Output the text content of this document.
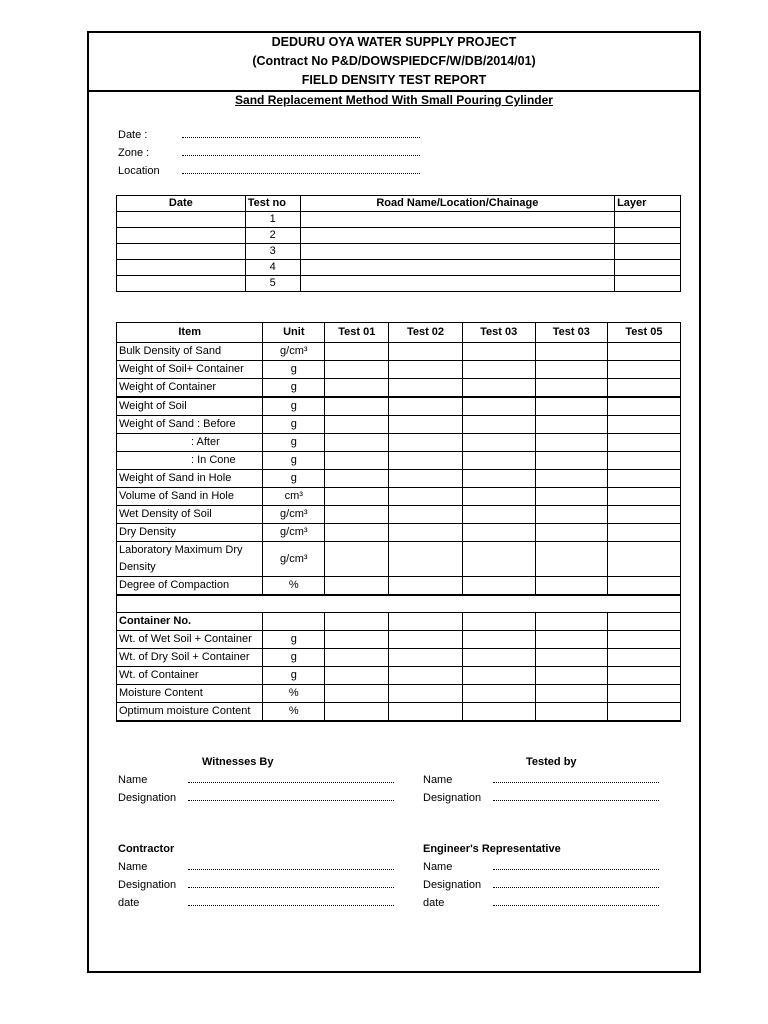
DEDURU OYA WATER SUPPLY PROJECT
(Contract No P&D/DOWSPIEDCF/W/DB/2014/01)
FIELD DENSITY TEST REPORT
Sand Replacement Method With Small Pouring Cylinder
Date :
Zone :
Location
Date	Test no	Road Name/Location/Chainage	Layer
	1		
	2		
	3		
	4		
	5		
Item	Unit	Test 01	Test 02	Test 03	Test 03	Test 05
Bulk Density of Sand	g/cm³					
Weight of Soil+ Container	g					
Weight of Container	g					
Weight of Soil	g					
Weight of Sand : Before	g					
: After	g					
: In Cone	g					
Weight of Sand in Hole	g					
Volume of Sand in Hole	cm³					
Wet Density of Soil	g/cm³					
Dry Density	g/cm³					
Laboratory Maximum Dry Density	g/cm³					
Degree of Compaction	%					

Container No.						
Wt. of Wet Soil + Container	g					
Wt. of Dry Soil + Container	g					
Wt. of Container	g					
Moisture Content	%					
Optimum moisture Content	%					
Witnesses By
Name
Designation
Tested by
Name
Designation
Contractor
Name
Designation
date
Engineer's Representative
Name
Designation
date
